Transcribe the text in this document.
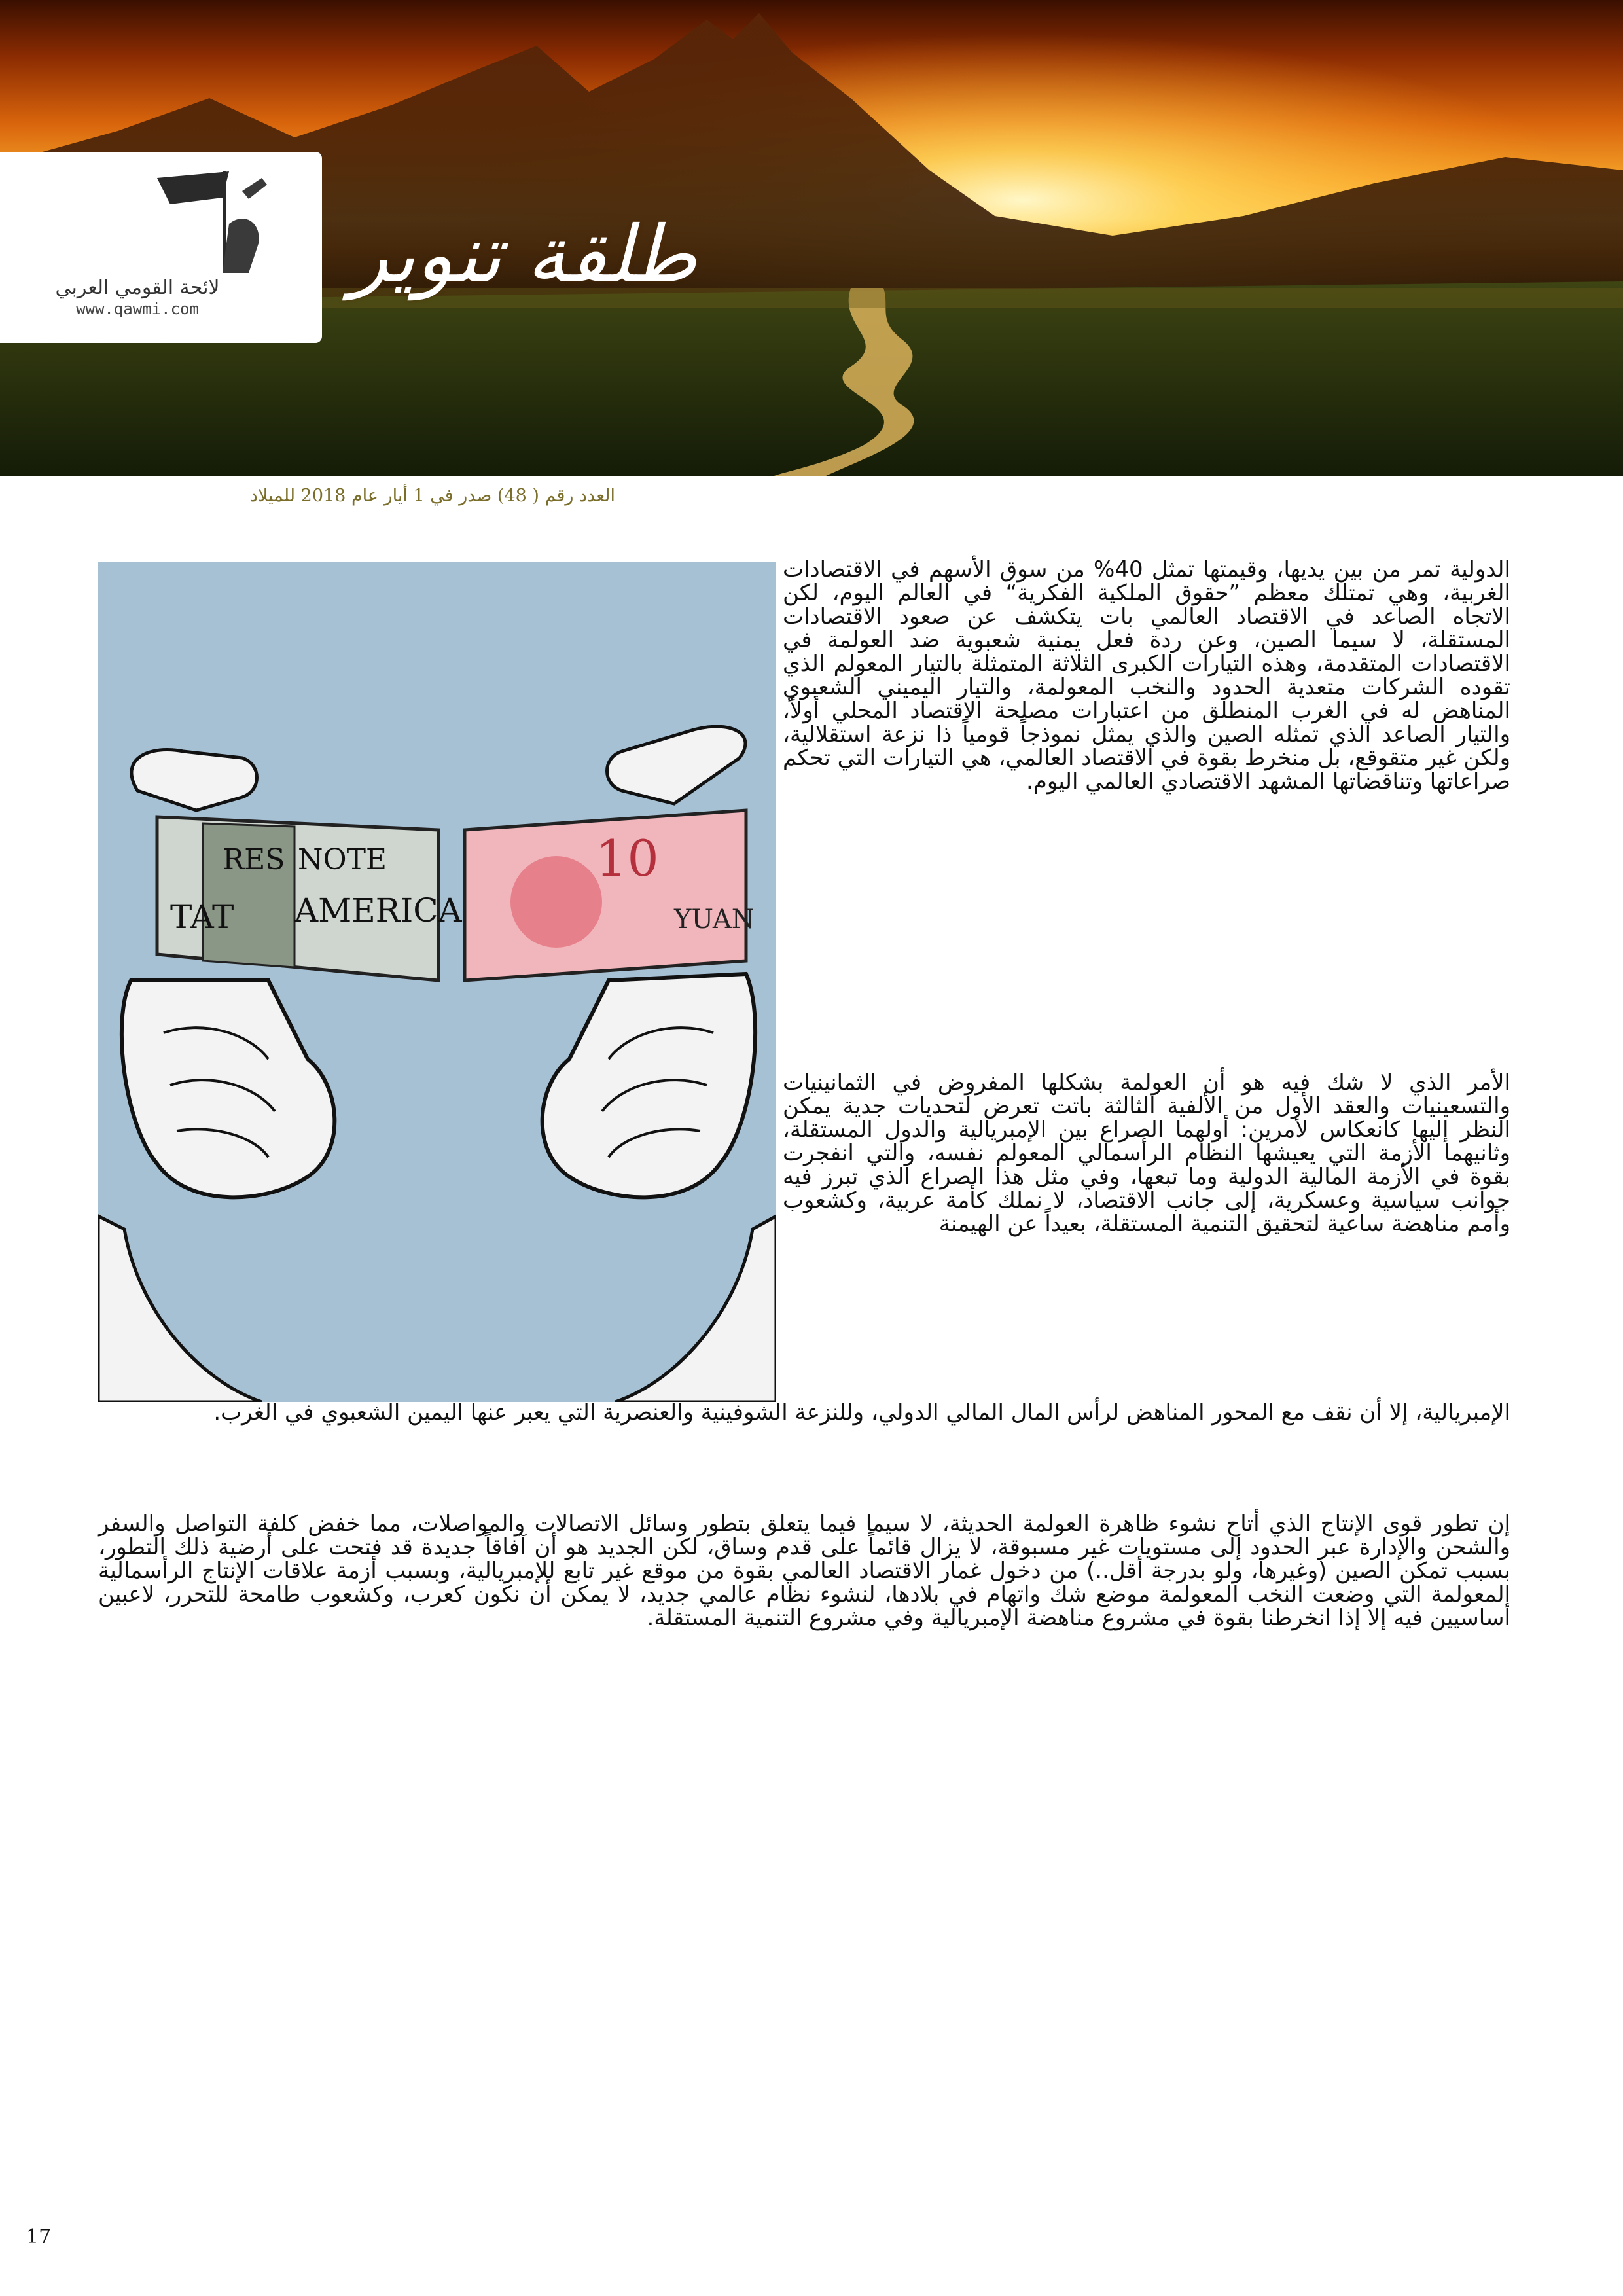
لائحة القومي العربي
www.qawmi.com
طلقة تنوير
العدد رقم ( 48) صدر في 1 أيار عام 2018 للميلاد
RES NOTE
TAT AMERICA
10
YUAN

الدولية تمر من بين يديها، وقيمتها تمثل 40% من سوق الأسهم في الاقتصادات الغربية، وهي تمتلك معظم ”حقوق الملكية الفكرية“ في العالم اليوم، لكن الاتجاه الصاعد في الاقتصاد العالمي بات يتكشف عن صعود الاقتصادات المستقلة، لا سيما الصين، وعن ردة فعل يمنية شعبوية ضد العولمة في الاقتصادات المتقدمة، وهذه التيارات الكبرى الثلاثة المتمثلة بالتيار المعولم الذي تقوده الشركات متعدية الحدود والنخب المعولمة، والتيار اليميني الشعبوي المناهض له في الغرب المنطلق من اعتبارات مصلحة الاقتصاد المحلي أولاً، والتيار الصاعد الذي تمثله الصين والذي يمثل نموذجاً قومياً ذا نزعة استقلالية، ولكن غير متقوقع، بل منخرط بقوة في الاقتصاد العالمي، هي التيارات التي تحكم صراعاتها وتناقضاتها المشهد الاقتصادي العالمي اليوم.

الأمر الذي لا شك فيه هو أن العولمة بشكلها المفروض في الثمانينيات والتسعينيات والعقد الأول من الألفية الثالثة باتت تعرض لتحديات جدية يمكن النظر إليها كانعكاس لأمرين: أولهما الصراع بين الإمبريالية والدول المستقلة، وثانيهما الأزمة التي يعيشها النظام الرأسمالي المعولم نفسه، والتي انفجرت بقوة في الأزمة المالية الدولية وما تبعها، وفي مثل هذا الصراع الذي تبرز فيه جوانب سياسية وعسكرية، إلى جانب الاقتصاد، لا نملك كأمة عربية، وكشعوب وأمم مناهضة ساعية لتحقيق التنمية المستقلة، بعيداً عن الهيمنة

الإمبريالية، إلا أن نقف مع المحور المناهض لرأس المال المالي الدولي، وللنزعة الشوفينية والعنصرية التي يعبر عنها اليمين الشعبوي في الغرب.

إن تطور قوى الإنتاج الذي أتاح نشوء ظاهرة العولمة الحديثة، لا سيما فيما يتعلق بتطور وسائل الاتصالات والمواصلات، مما خفض كلفة التواصل والسفر والشحن والإدارة عبر الحدود إلى مستويات غير مسبوقة، لا يزال قائماً على قدم وساق، لكن الجديد هو أن آفاقاً جديدة قد فتحت على أرضية ذلك التطور، بسبب تمكن الصين (وغيرها، ولو بدرجة أقل..) من دخول غمار الاقتصاد العالمي بقوة من موقع غير تابع للإمبريالية، وبسبب أزمة علاقات الإنتاج الرأسمالية المعولمة التي وضعت النخب المعولمة موضع شك واتهام في بلادها، لنشوء نظام عالمي جديد، لا يمكن أن نكون كعرب، وكشعوب طامحة للتحرر، لاعبين أساسيين فيه إلا إذا انخرطنا بقوة في مشروع مناهضة الإمبريالية وفي مشروع التنمية المستقلة.

17
